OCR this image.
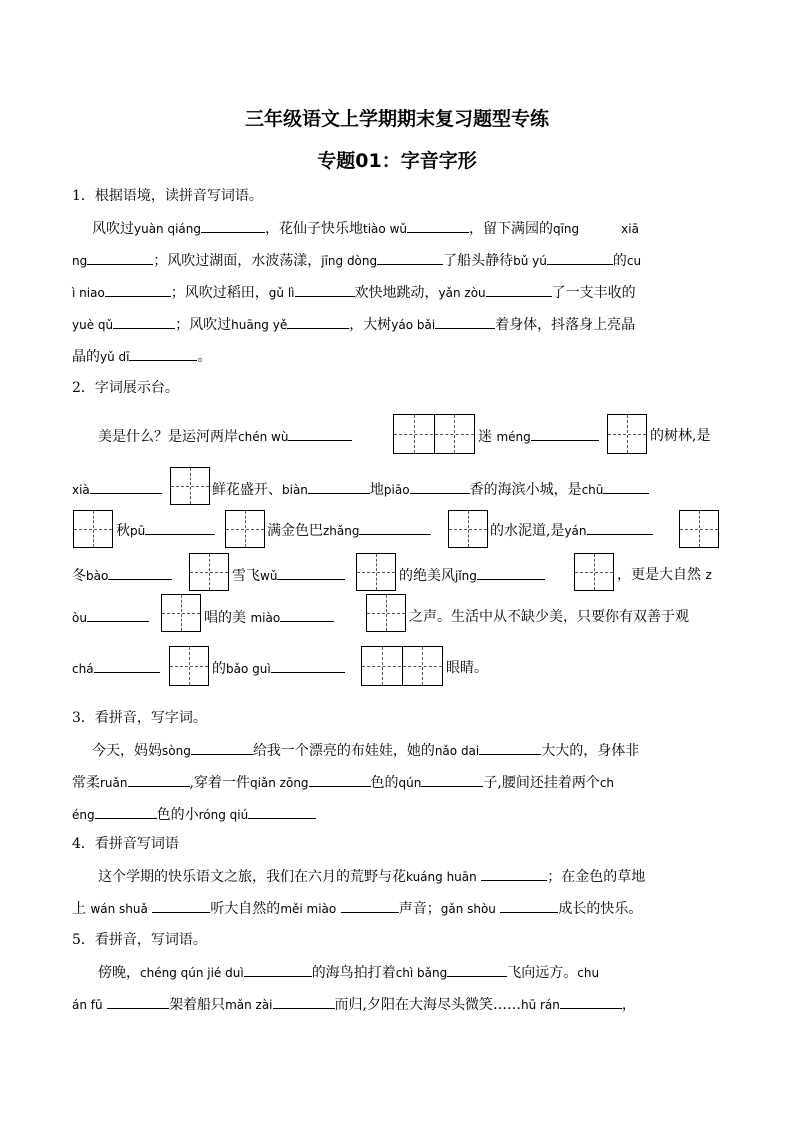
三年级语文上学期期末复习题型专练
专题01：字音字形
1．根据语境，读拼音写词语。
风吹过yuàn qiáng	，花仙子快乐地tiào wǔ	，留下满园的qīng	xiā
ng	；风吹过湖面，水波荡漾，jīng dòng	了船头静待bǔ yú	的cu
ì niao	；风吹过稻田，gǔ lì	欢快地跳动，yǎn zòu	了一支丰收的
yuè qǔ	；风吹过huāng yě	，大树yáo bǎi	着身体，抖落身上亮晶
晶的yǔ dī	。
2．字词展示台。
美是什么？是运河两岸chén wù	迷 méng	的树林,是
xià	鲜花盛开、biàn	地piāo	香的海滨小城，是chū
秋pū	满金色巴zhǎng	的水泥道,是yán
冬bào	雪飞wǔ	的绝美风jǐng	，更是大自然 z
òu	唱的美 miào	之声。生活中从不缺少美，只要你有双善于观
chá	的bǎo guì	眼睛。
3．看拼音，写字词。
今天，妈妈sòng	给我一个漂亮的布娃娃，她的nǎo dai	大大的，身体非
常柔ruǎn	,穿着一件qiǎn zōng	色的qún	子,腰间还挂着两个ch
éng	色的小róng qiú
4．看拼音写词语
这个学期的快乐语文之旅，我们在六月的荒野与花kuáng huān	；在金色的草地
上 wán shuǎ	听大自然的měi miào	声音；gǎn shòu	成长的快乐。
5．看拼音，写词语。
傍晚，chéng qún jié duì	的海鸟拍打着chì bǎng	飞向远方。chu
án fū	架着船只mǎn zài	而归,夕阳在大海尽头微笑……hū rán	，
